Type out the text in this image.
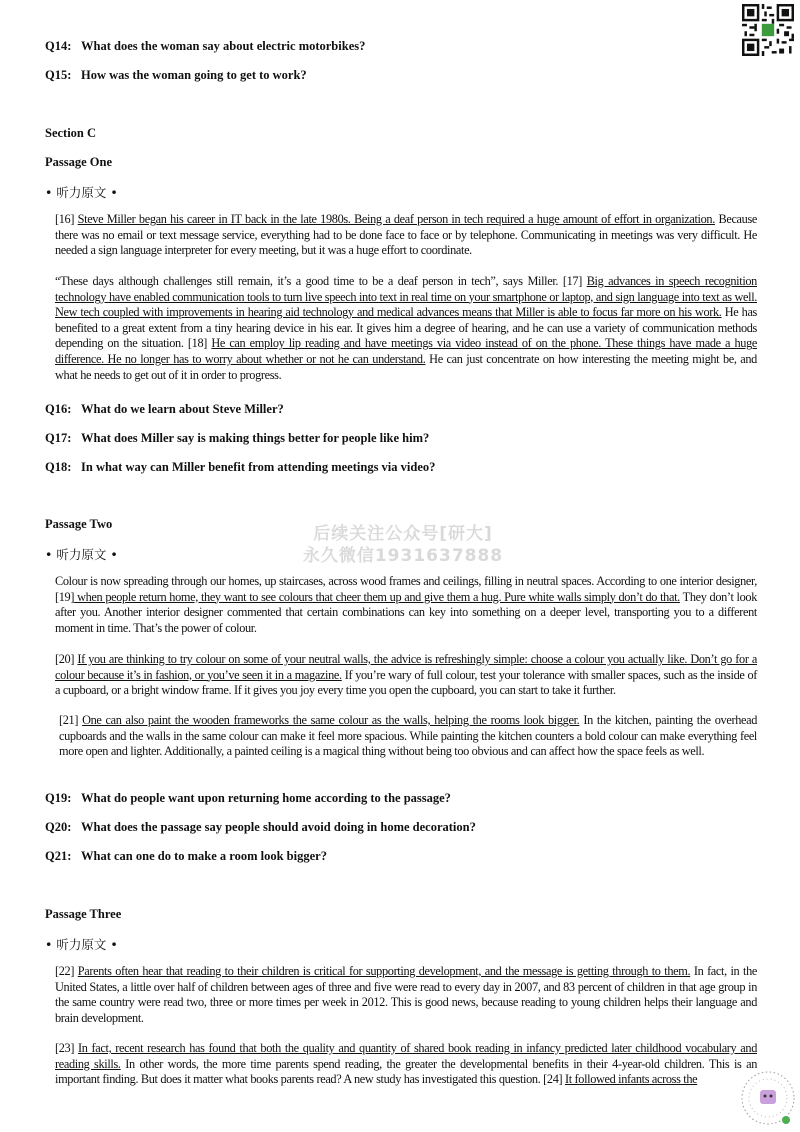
Q14: What does the woman say about electric motorbikes?
Q15: How was the woman going to get to work?
Section C
Passage One
• 听力原文 •
[16] Steve Miller began his career in IT back in the late 1980s. Being a deaf person in tech required a huge amount of effort in organization. Because there was no email or text message service, everything had to be done face to face or by telephone. Communicating in meetings was very difficult. He needed a sign language interpreter for every meeting, but it was a huge effort to coordinate.
“These days although challenges still remain, it’s a good time to be a deaf person in tech”, says Miller. [17] Big advances in speech recognition technology have enabled communication tools to turn live speech into text in real time on your smartphone or laptop, and sign language into text as well. New tech coupled with improvements in hearing aid technology and medical advances means that Miller is able to focus far more on his work. He has benefited to a great extent from a tiny hearing device in his ear. It gives him a degree of hearing, and he can use a variety of communication methods depending on the situation. [18] He can employ lip reading and have meetings via video instead of on the phone. These things have made a huge difference. He no longer has to worry about whether or not he can understand. He can just concentrate on how interesting the meeting might be, and what he needs to get out of it in order to progress.
Q16: What do we learn about Steve Miller?
Q17: What does Miller say is making things better for people like him?
Q18: In what way can Miller benefit from attending meetings via video?
Passage Two
• 听力原文 •
Colour is now spreading through our homes, up staircases, across wood frames and ceilings, filling in neutral spaces. According to one interior designer, [19] when people return home, they want to see colours that cheer them up and give them a hug. Pure white walls simply don’t do that. They don’t look after you. Another interior designer commented that certain combinations can key into something on a deeper level, transporting you to a different moment in time. That’s the power of colour.
[20] If you are thinking to try colour on some of your neutral walls, the advice is refreshingly simple: choose a colour you actually like. Don’t go for a colour because it’s in fashion, or you’ve seen it in a magazine. If you’re wary of full colour, test your tolerance with smaller spaces, such as the inside of a cupboard, or a bright window frame. If it gives you joy every time you open the cupboard, you can start to take it further.
[21] One can also paint the wooden frameworks the same colour as the walls, helping the rooms look bigger. In the kitchen, painting the overhead cupboards and the walls in the same colour can make it feel more spacious. While painting the kitchen counters a bold colour can make everything feel more open and lighter. Additionally, a painted ceiling is a magical thing without being too obvious and can affect how the space feels as well.
Q19: What do people want upon returning home according to the passage?
Q20: What does the passage say people should avoid doing in home decoration?
Q21: What can one do to make a room look bigger?
Passage Three
• 听力原文 •
[22] Parents often hear that reading to their children is critical for supporting development, and the message is getting through to them. In fact, in the United States, a little over half of children between ages of three and five were read to every day in 2007, and 83 percent of children in that age group in the same country were read two, three or more times per week in 2012. This is good news, because reading to young children helps their language and brain development.
[23] In fact, recent research has found that both the quality and quantity of shared book reading in infancy predicted later childhood vocabulary and reading skills. In other words, the more time parents spend reading, the greater the developmental benefits in their 4-year-old children. This is an important finding. But does it matter what books parents read? A new study has investigated this question. [24] It followed infants across the
后续关注公众号[研大]
永久微信1931637888
